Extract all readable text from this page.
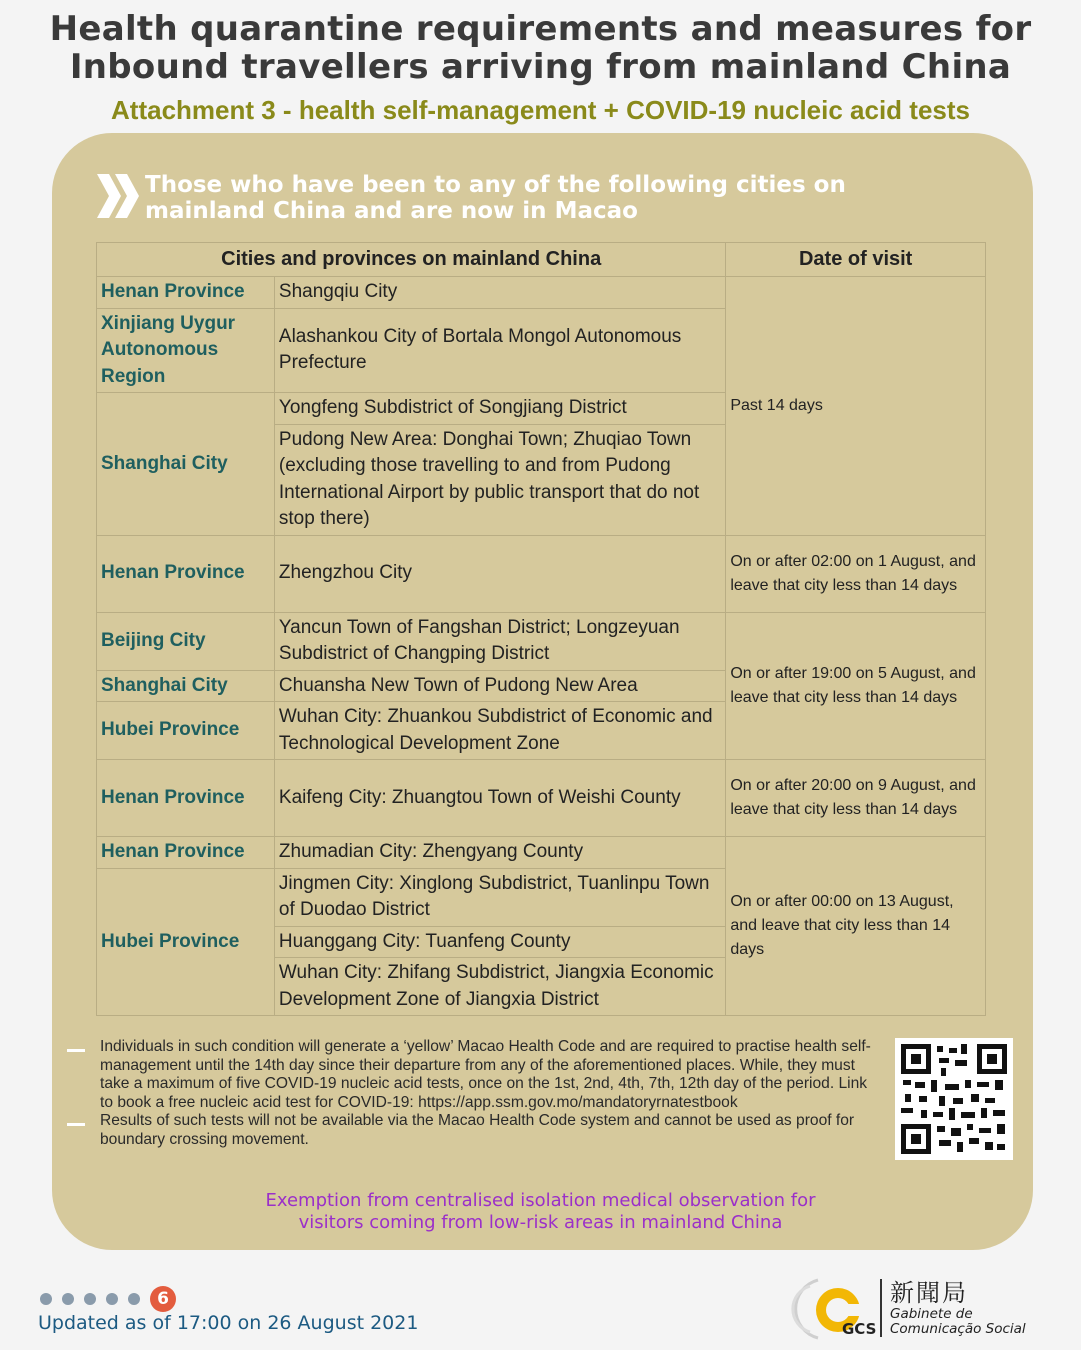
Health quarantine requirements and measures for
Inbound travellers arriving from mainland China
Attachment 3 - health self-management + COVID-19 nucleic acid tests
Those who have been to any of the following cities on
mainland China and are now in Macao
Cities and provinces on mainland China		Date of visit
Henan Province	Shangqiu City	Past 14 days
Xinjiang Uygur Autonomous Region	Alashankou City of Bortala Mongol Autonomous Prefecture	
Shanghai City	Yongfeng Subdistrict of Songjiang District	
	Pudong New Area: Donghai Town; Zhuqiao Town (excluding those travelling to and from Pudong International Airport by public transport that do not stop there)	
Henan Province	Zhengzhou City	On or after 02:00 on 1 August, and leave that city less than 14 days
Beijing City	Yancun Town of Fangshan District; Longzeyuan Subdistrict of Changping District	On or after 19:00 on 5 August, and leave that city less than 14 days
Shanghai City	Chuansha New Town of Pudong New Area	
Hubei Province	Wuhan City: Zhuankou Subdistrict of Economic and Technological Development Zone	
Henan Province	Kaifeng City: Zhuangtou Town of Weishi County	On or after 20:00 on 9 August, and leave that city less than 14 days
Henan Province	Zhumadian City: Zhengyang County	On or after 00:00 on 13 August, and leave that city less than 14 days
Hubei Province	Jingmen City: Xinglong Subdistrict, Tuanlinpu Town of Duodao District	
	Huanggang City: Tuanfeng County	
	Wuhan City: Zhifang Subdistrict, Jiangxia Economic Development Zone of Jiangxia District	
Individuals in such condition will generate a ‘yellow’ Macao Health Code and are required to practise health self-management until the 14th day since their departure from any of the aforementioned places. While, they must take a maximum of five COVID-19 nucleic acid tests, once on the 1st, 2nd, 4th, 7th, 12th day of the period. Link to book a free nucleic acid test for COVID-19: https://app.ssm.gov.mo/mandatoryrnatestbook
Results of such tests will not be available via the Macao Health Code system and cannot be used as proof for boundary crossing movement.
Exemption from centralised isolation medical observation for
visitors coming from low-risk areas in mainland China
6
Updated as of 17:00 on 26 August 2021	GCS
新聞局
Gabinete de
Comunicação Social
